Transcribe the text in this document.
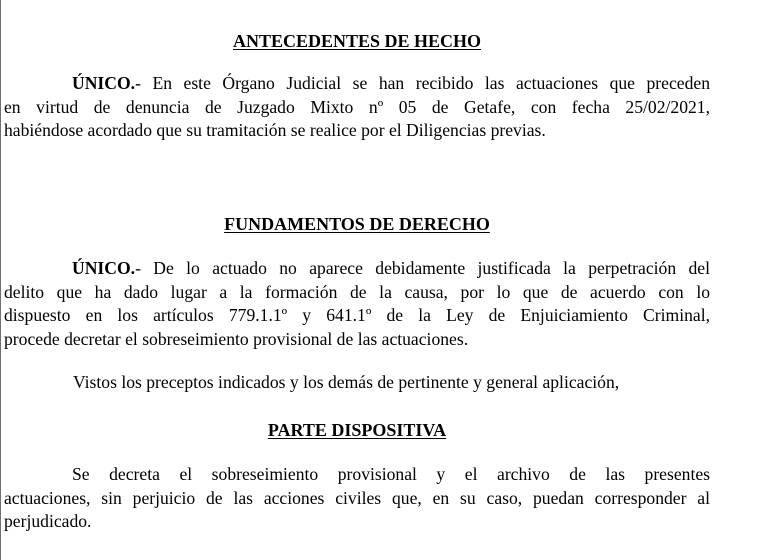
ANTECEDENTES DE HECHO
ÚNICO.- En este Órgano Judicial se han recibido las actuaciones que preceden
en virtud de denuncia de Juzgado Mixto nº 05 de Getafe, con fecha 25/02/2021,
habiéndose acordado que su tramitación se realice por el Diligencias previas.
FUNDAMENTOS DE DERECHO
ÚNICO.- De lo actuado no aparece debidamente justificada la perpetración del
delito que ha dado lugar a la formación de la causa, por lo que de acuerdo con lo
dispuesto en los artículos 779.1.1º y 641.1º de la Ley de Enjuiciamiento Criminal,
procede decretar el sobreseimiento provisional de las actuaciones.
Vistos los preceptos indicados y los demás de pertinente y general aplicación,
PARTE DISPOSITIVA
Se decreta el sobreseimiento provisional y el archivo de las presentes
actuaciones, sin perjuicio de las acciones civiles que, en su caso, puedan corresponder al
perjudicado.
